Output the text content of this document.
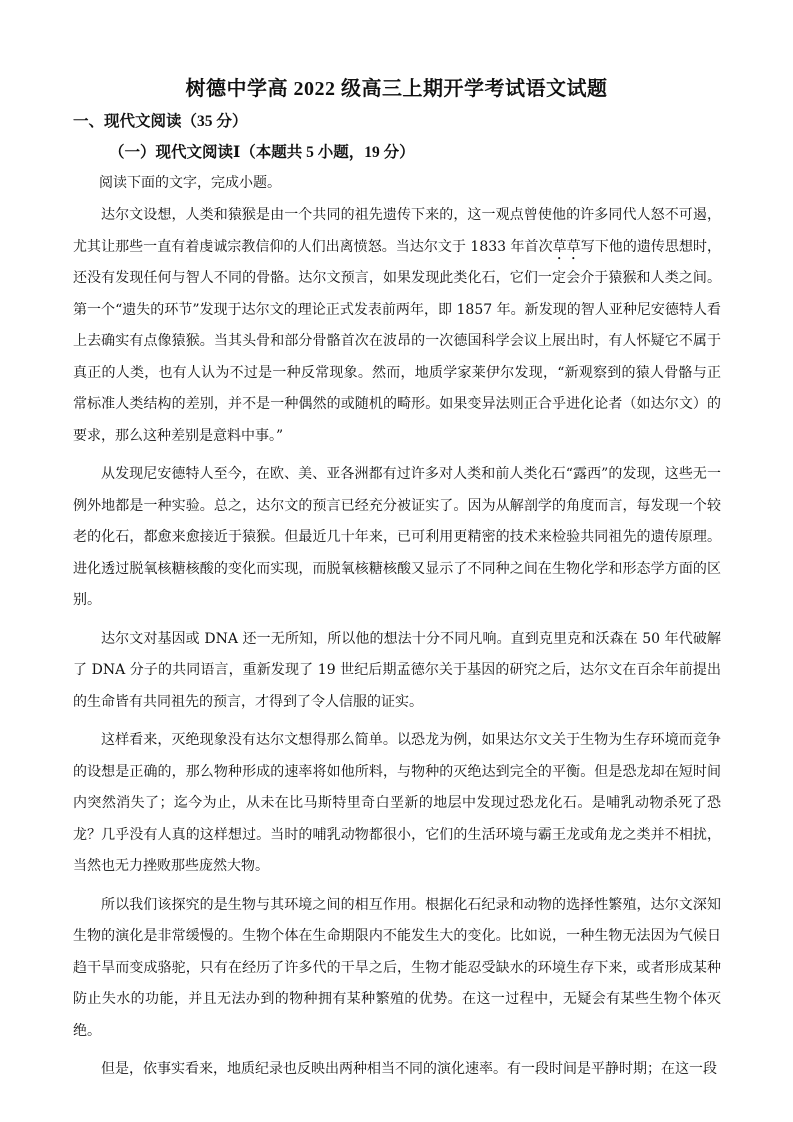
树德中学高 2022 级高三上期开学考试语文试题
一、现代文阅读（35 分）
（一）现代文阅读Ⅰ（本题共 5 小题，19 分）
阅读下面的文字，完成小题。

达尔文设想，人类和猿猴是由一个共同的祖先遗传下来的，这一观点曾使他的许多同代人怒不可遏，尤其让那些一直有着虔诚宗教信仰的人们出离愤怒。当达尔文于 1833 年首次草草写下他的遗传思想时，还没有发现任何与智人不同的骨骼。达尔文预言，如果发现此类化石，它们一定会介于猿猴和人类之间。第一个“遗失的环节”发现于达尔文的理论正式发表前两年，即 1857 年。新发现的智人亚种尼安德特人看上去确实有点像猿猴。当其头骨和部分骨骼首次在波昂的一次德国科学会议上展出时，有人怀疑它不属于真正的人类，也有人认为不过是一种反常现象。然而，地质学家莱伊尔发现，“新观察到的猿人骨骼与正常标准人类结构的差别，并不是一种偶然的或随机的畸形。如果变异法则正合乎进化论者（如达尔文）的要求，那么这种差别是意料中事。”

从发现尼安德特人至今，在欧、美、亚各洲都有过许多对人类和前人类化石“露西”的发现，这些无一例外地都是一种实验。总之，达尔文的预言已经充分被证实了。因为从解剖学的角度而言，每发现一个较老的化石，都愈来愈接近于猿猴。但最近几十年来，已可利用更精密的技术来检验共同祖先的遗传原理。进化透过脱氧核糖核酸的变化而实现，而脱氧核糖核酸又显示了不同种之间在生物化学和形态学方面的区别。

达尔文对基因或 DNA 还一无所知，所以他的想法十分不同凡响。直到克里克和沃森在 50 年代破解了 DNA 分子的共同语言，重新发现了 19 世纪后期孟德尔关于基因的研究之后，达尔文在百余年前提出的生命皆有共同祖先的预言，才得到了令人信服的证实。

这样看来，灭绝现象没有达尔文想得那么简单。以恐龙为例，如果达尔文关于生物为生存环境而竞争的设想是正确的，那么物种形成的速率将如他所料，与物种的灭绝达到完全的平衡。但是恐龙却在短时间内突然消失了；迄今为止，从未在比马斯特里奇白垩新的地层中发现过恐龙化石。是哺乳动物杀死了恐龙？几乎没有人真的这样想过。当时的哺乳动物都很小，它们的生活环境与霸王龙或角龙之类并不相扰，当然也无力挫败那些庞然大物。

所以我们该探究的是生物与其环境之间的相互作用。根据化石纪录和动物的选择性繁殖，达尔文深知生物的演化是非常缓慢的。生物个体在生命期限内不能发生大的变化。比如说，一种生物无法因为气候日趋干旱而变成骆驼，只有在经历了许多代的干旱之后，生物才能忍受缺水的环境生存下来，或者形成某种防止失水的功能，并且无法办到的物种拥有某种繁殖的优势。在这一过程中，无疑会有某些生物个体灭绝。

但是，依事实看来，地质纪录也反映出两种相当不同的演化速率。有一段时间是平静时期；在这一段
